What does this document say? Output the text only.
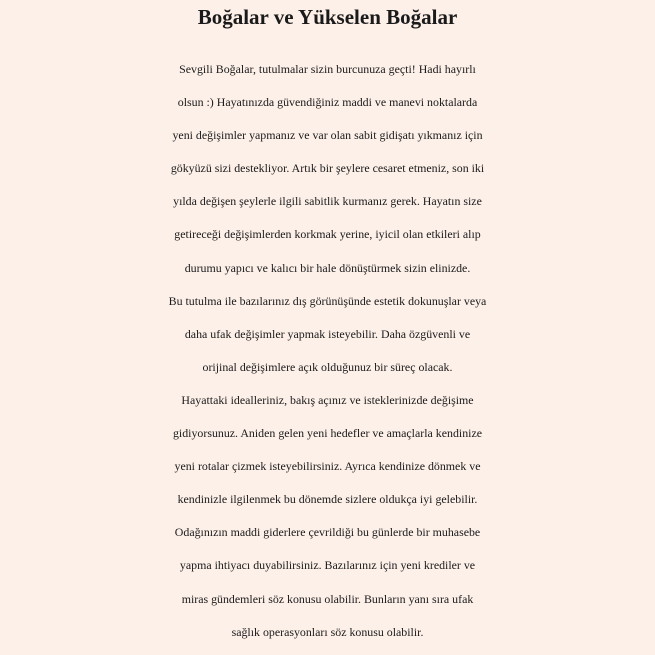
Boğalar ve Yükselen Boğalar
Sevgili Boğalar, tutulmalar sizin burcunuza geçti! Hadi hayırlı
olsun :) Hayatınızda güvendiğiniz maddi ve manevi noktalarda
yeni değişimler yapmanız ve var olan sabit gidişatı yıkmanız için
gökyüzü sizi destekliyor. Artık bir şeylere cesaret etmeniz, son iki
yılda değişen şeylerle ilgili sabitlik kurmanız gerek. Hayatın size
getireceği değişimlerden korkmak yerine, iyicil olan etkileri alıp
durumu yapıcı ve kalıcı bir hale dönüştürmek sizin elinizde.
Bu tutulma ile bazılarınız dış görünüşünde estetik dokunuşlar veya
daha ufak değişimler yapmak isteyebilir. Daha özgüvenli ve
orijinal değişimlere açık olduğunuz bir süreç olacak.
Hayattaki idealleriniz, bakış açınız ve isteklerinizde değişime
gidiyorsunuz. Aniden gelen yeni hedefler ve amaçlarla kendinize
yeni rotalar çizmek isteyebilirsiniz. Ayrıca kendinize dönmek ve
kendinizle ilgilenmek bu dönemde sizlere oldukça iyi gelebilir.
Odağınızın maddi giderlere çevrildiği bu günlerde bir muhasebe
yapma ihtiyacı duyabilirsiniz. Bazılarınız için yeni krediler ve
miras gündemleri söz konusu olabilir. Bunların yanı sıra ufak
sağlık operasyonları söz konusu olabilir.
